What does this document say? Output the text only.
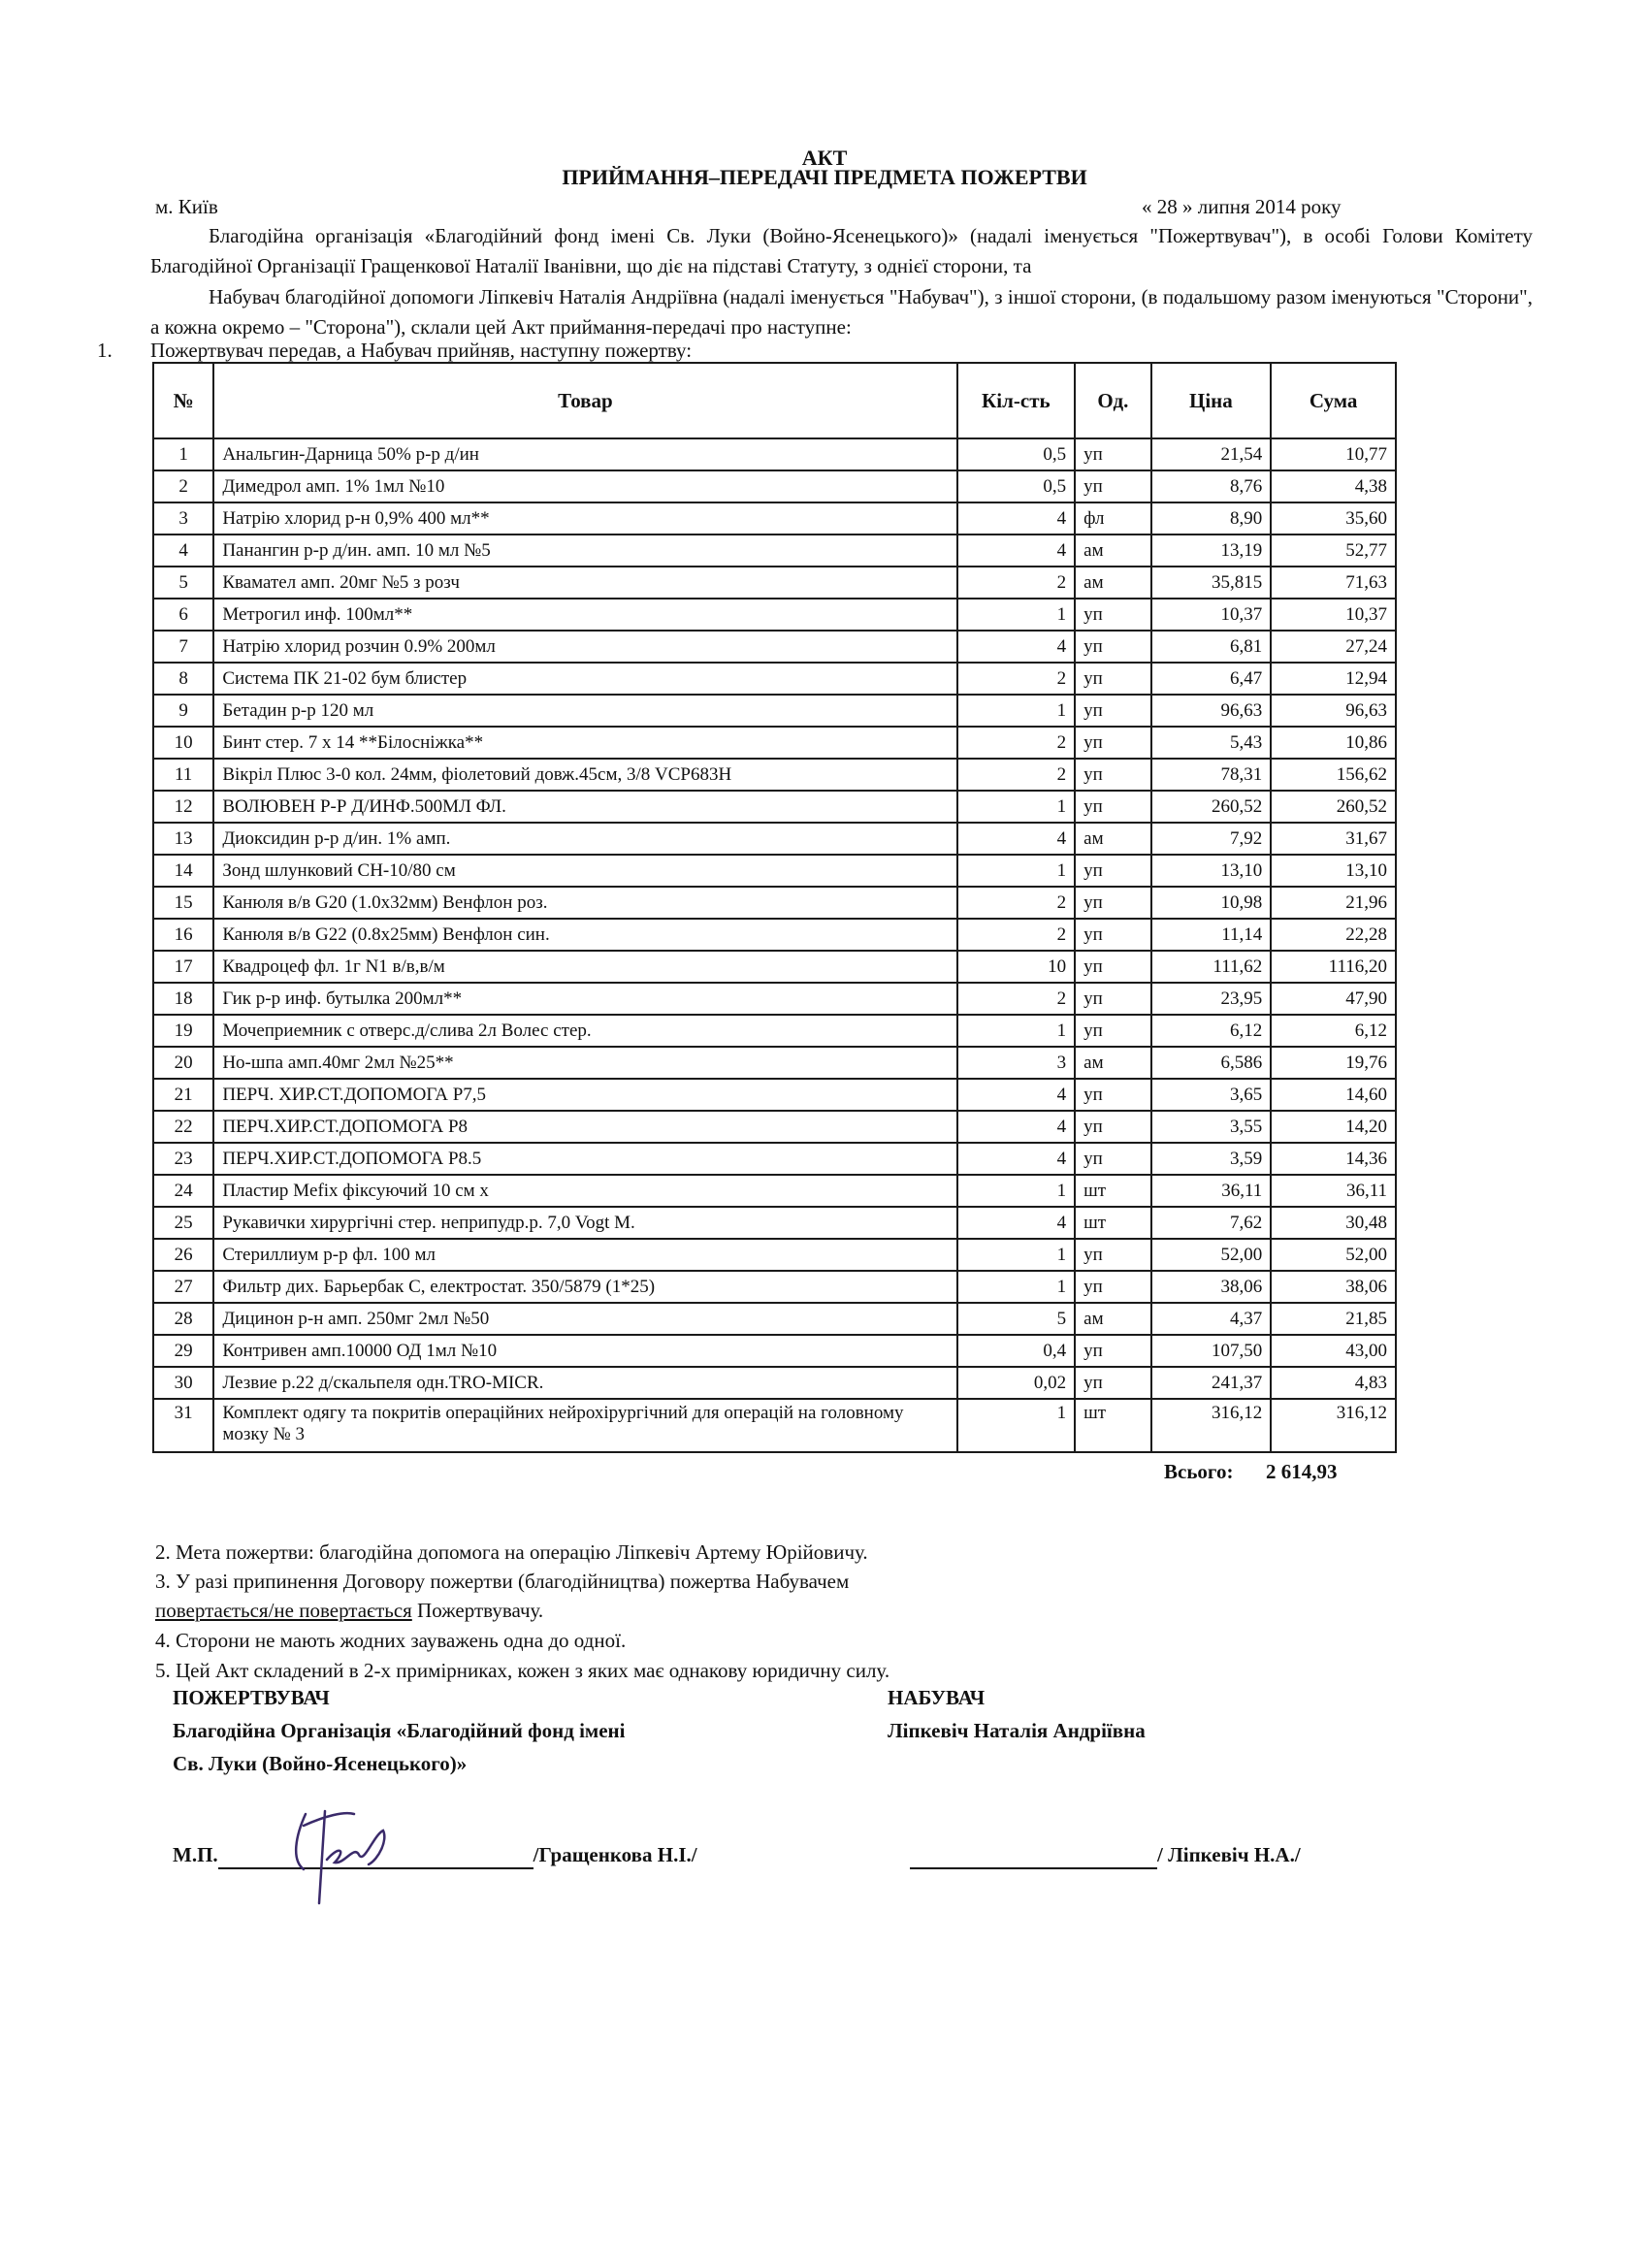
АКТ
ПРИЙМАННЯ–ПЕРЕДАЧІ ПРЕДМЕТА ПОЖЕРТВИ
м. Київ	« 28 » липня 2014 року
Благодійна організація «Благодійний фонд імені Св. Луки (Войно-Ясенецького)» (надалі іменується "Пожертвувач"), в особі Голови Комітету Благодійної Організації Гращенкової Наталії Іванівни, що діє на підставі Статуту, з однієї сторони, та
Набувач благодійної допомоги Ліпкевіч Наталія Андріївна (надалі іменується "Набувач"), з іншої сторони, (в подальшому разом іменуються "Сторони", а кожна окремо – "Сторона"), склали цей Акт приймання-передачі про наступне:
1. Пожертвувач передав, а Набувач прийняв, наступну пожертву:
№	Товар	Кіл-сть	Од.	Ціна	Сума
1	Анальгин-Дарница 50% р-р д/ин	0,5	уп	21,54	10,77
2	Димедрол амп. 1% 1мл №10	0,5	уп	8,76	4,38
3	Натрію хлорид р-н 0,9% 400 мл**	4	фл	8,90	35,60
4	Панангин р-р д/ин. амп. 10 мл №5	4	ам	13,19	52,77
5	Квамател амп. 20мг №5 з розч	2	ам	35,815	71,63
6	Метрогил инф. 100мл**	1	уп	10,37	10,37
7	Натрію хлорид розчин 0.9% 200мл	4	уп	6,81	27,24
8	Система ПК 21-02 бум блистер	2	уп	6,47	12,94
9	Бетадин р-р 120 мл	1	уп	96,63	96,63
10	Бинт стер. 7 х 14 **Білосніжка**	2	уп	5,43	10,86
11	Вікріл Плюс 3-0 кол. 24мм, фіолетовий довж.45см, 3/8 VCP683H	2	уп	78,31	156,62
12	ВОЛЮВЕН Р-Р Д/ИНФ.500МЛ ФЛ.	1	уп	260,52	260,52
13	Диоксидин р-р д/ин. 1% амп.	4	ам	7,92	31,67
14	Зонд шлунковий СН-10/80 см	1	уп	13,10	13,10
15	Канюля в/в G20 (1.0х32мм) Венфлон роз.	2	уп	10,98	21,96
16	Канюля в/в G22 (0.8х25мм) Венфлон син.	2	уп	11,14	22,28
17	Квадроцеф фл. 1г N1 в/в,в/м	10	уп	111,62	1116,20
18	Гик р-р инф. бутылка 200мл**	2	уп	23,95	47,90
19	Мочеприемник с отверс.д/слива 2л Волес стер.	1	уп	6,12	6,12
20	Но-шпа амп.40мг 2мл №25**	3	ам	6,586	19,76
21	ПЕРЧ. ХИР.СТ.ДОПОМОГА Р7,5	4	уп	3,65	14,60
22	ПЕРЧ.ХИР.СТ.ДОПОМОГА Р8	4	уп	3,55	14,20
23	ПЕРЧ.ХИР.СТ.ДОПОМОГА Р8.5	4	уп	3,59	14,36
24	Пластир Mefix фіксуючий 10 см х	1	шт	36,11	36,11
25	Рукавички хирургічні стер. неприпудр.р. 7,0 Vogt M.	4	шт	7,62	30,48
26	Стериллиум р-р фл. 100 мл	1	уп	52,00	52,00
27	Фильтр дих. Барьербак С, електростат. 350/5879 (1*25)	1	уп	38,06	38,06
28	Дицинон р-н амп. 250мг 2мл №50	5	ам	4,37	21,85
29	Контривен амп.10000 ОД 1мл №10	0,4	уп	107,50	43,00
30	Лезвие р.22 д/скальпеля одн.TRO-MICR.	0,02	уп	241,37	4,83
31	Комплект одягу та покритів операційних нейрохірургічний для операцій на головному мозку № 3	1	шт	316,12	316,12
Всього: 2 614,93
2. Мета пожертви: благодійна допомога на операцію Ліпкевіч Артему Юрійовичу.
3. У разі припинення Договору пожертви (благодійництва) пожертва Набувачем
повертається/не повертається Пожертвувачу.
4. Сторони не мають жодних зауважень одна до одної.
5. Цей Акт складений в 2-х примірниках, кожен з яких має однакову юридичну силу.
ПОЖЕРТВУВАЧ
Благодійна Організація «Благодійний фонд імені
Св. Луки (Войно-Ясенецького)»
НАБУВАЧ
Ліпкевіч Наталія Андріївна
М.П.	/Гращенкова Н.І./	/ Ліпкевіч Н.А./
